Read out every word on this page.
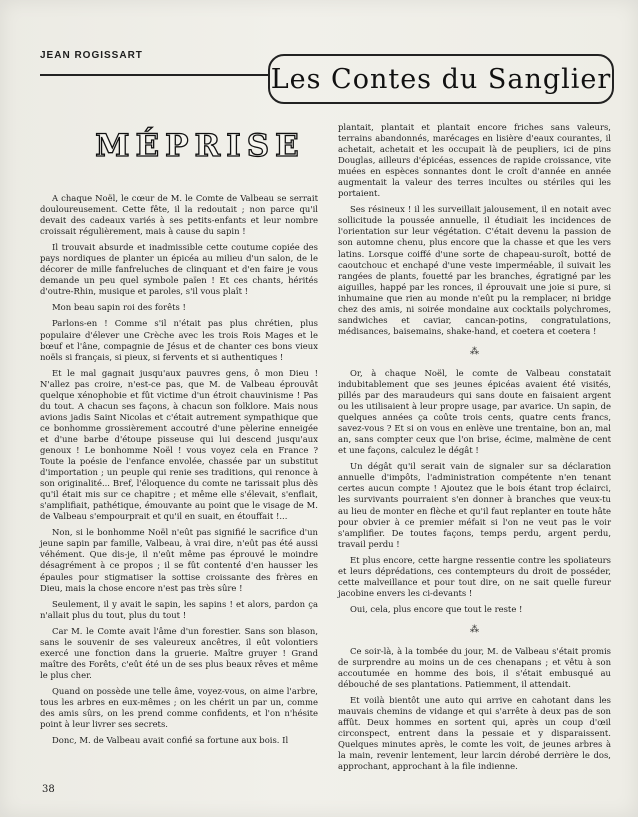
JEAN ROGISSART
Les Contes du Sanglier
MÉPRISE

A chaque Noël, le cœur de M. le Comte de Valbeau se serrait douloureusement. Cette fête, il la redoutait ; non parce qu'il devait des cadeaux variés à ses petits-enfants et leur nombre croissait régulièrement, mais à cause du sapin !

Il trouvait absurde et inadmissible cette coutume copiée des pays nordiques de planter un épicéa au milieu d'un salon, de le décorer de mille fanfreluches de clinquant et d'en faire je vous demande un peu quel symbole païen ! Et ces chants, hérités d'outre-Rhin, musique et paroles, s'il vous plaît !

Mon beau sapin roi des forêts !

Parlons-en ! Comme s'il n'était pas plus chrétien, plus populaire d'élever une Crèche avec les trois Rois Mages et le bœuf et l'âne, compagnie de Jésus et de chanter ces bons vieux noëls si français, si pieux, si fervents et si authentiques !

Et le mal gagnait jusqu'aux pauvres gens, ô mon Dieu ! N'allez pas croire, n'est-ce pas, que M. de Valbeau éprouvât quelque xénophobie et fût victime d'un étroit chauvinisme ! Pas du tout. A chacun ses façons, à chacun son folklore. Mais nous avions jadis Saint Nicolas et c'était autrement sympathique que ce bonhomme grossièrement accoutré d'une pèlerine enneigée et d'une barbe d'étoupe pisseuse qui lui descend jusqu'aux genoux ! Le bonhomme Noël ! vous voyez cela en France ? Toute la poésie de l'enfance envolée, chassée par un substitut d'importation ; un peuple qui renie ses traditions, qui renonce à son originalité... Bref, l'éloquence du comte ne tarissait plus dès qu'il était mis sur ce chapitre ; et même elle s'élevait, s'enflait, s'amplifiait, pathétique, émouvante au point que le visage de M. de Valbeau s'empourprait et qu'il en suait, en étouffait !...

Non, si le bonhomme Noël n'eût pas signifié le sacrifice d'un jeune sapin par famille, Valbeau, à vrai dire, n'eût pas été aussi véhément. Que dis-je, il n'eût même pas éprouvé le moindre désagrément à ce propos ; il se fût contenté d'en hausser les épaules pour stigmatiser la sottise croissante des frères en Dieu, mais la chose encore n'est pas très sûre !

Seulement, il y avait le sapin, les sapins ! et alors, pardon ça n'allait plus du tout, plus du tout !

Car M. le Comte avait l'âme d'un forestier. Sans son blason, sans le souvenir de ses valeureux ancêtres, il eût volontiers exercé une fonction dans la gruerie. Maître gruyer ! Grand maître des Forêts, c'eût été un de ses plus beaux rêves et même le plus cher.

Quand on possède une telle âme, voyez-vous, on aime l'arbre, tous les arbres en eux-mêmes ; on les chérit un par un, comme des amis sûrs, on les prend comme confidents, et l'on n'hésite point à leur livrer ses secrets.

Donc, M. de Valbeau avait confié sa fortune aux bois. Il

plantait, plantait et plantait encore friches sans valeurs, terrains abandonnés, marécages en lisière d'eaux courantes, il achetait, achetait et les occupait là de peupliers, ici de pins Douglas, ailleurs d'épicéas, essences de rapide croissance, vite muées en espèces sonnantes dont le croît d'année en année augmentait la valeur des terres incultes ou stériles qui les portaient.

Ses résineux ! il les surveillait jalousement, il en notait avec sollicitude la poussée annuelle, il étudiait les incidences de l'orientation sur leur végétation. C'était devenu la passion de son automne chenu, plus encore que la chasse et que les vers latins. Lorsque coiffé d'une sorte de chapeau-suroît, botté de caoutchouc et enchapé d'une veste imperméable, il suivait les rangées de plants, fouetté par les branches, égratigné par les aiguilles, happé par les ronces, il éprouvait une joie si pure, si inhumaine que rien au monde n'eût pu la remplacer, ni bridge chez des amis, ni soirée mondaine aux cocktails polychromes, sandwiches et caviar, cancan-potins, congratulations, médisances, baisemains, shake-hand, et coetera et coetera !

⁂

Or, à chaque Noël, le comte de Valbeau constatait indubitablement que ses jeunes épicéas avaient été visités, pillés par des maraudeurs qui sans doute en faisaient argent ou les utilisaient à leur propre usage, par avarice. Un sapin, de quelques années ça coûte trois cents, quatre cents francs, savez-vous ? Et si on vous en enlève une trentaine, bon an, mal an, sans compter ceux que l'on brise, écime, malmène de cent et une façons, calculez le dégât !

Un dégât qu'il serait vain de signaler sur sa déclaration annuelle d'impôts, l'administration compétente n'en tenant certes aucun compte ! Ajoutez que le bois étant trop éclairci, les survivants pourraient s'en donner à branches que veux-tu au lieu de monter en flèche et qu'il faut replanter en toute hâte pour obvier à ce premier méfait si l'on ne veut pas le voir s'amplifier. De toutes façons, temps perdu, argent perdu, travail perdu !

Et plus encore, cette hargne ressentie contre les spoliateurs et leurs déprédations, ces contempteurs du droit de posséder, cette malveillance et pour tout dire, on ne sait quelle fureur jacobine envers les ci-devants !

Oui, cela, plus encore que tout le reste !

⁂

Ce soir-là, à la tombée du jour, M. de Valbeau s'était promis de surprendre au moins un de ces chenapans ; et vêtu à son accoutumée en homme des bois, il s'était embusqué au débouché de ses plantations. Patiemment, il attendait.

Et voilà bientôt une auto qui arrive en cahotant dans les mauvais chemins de vidange et qui s'arrête à deux pas de son affût. Deux hommes en sortent qui, après un coup d'œil circonspect, entrent dans la pessaie et y disparaissent. Quelques minutes après, le comte les voit, de jeunes arbres à la main, revenir lentement, leur larcin dérobé derrière le dos, approchant, approchant à la file indienne.

38
